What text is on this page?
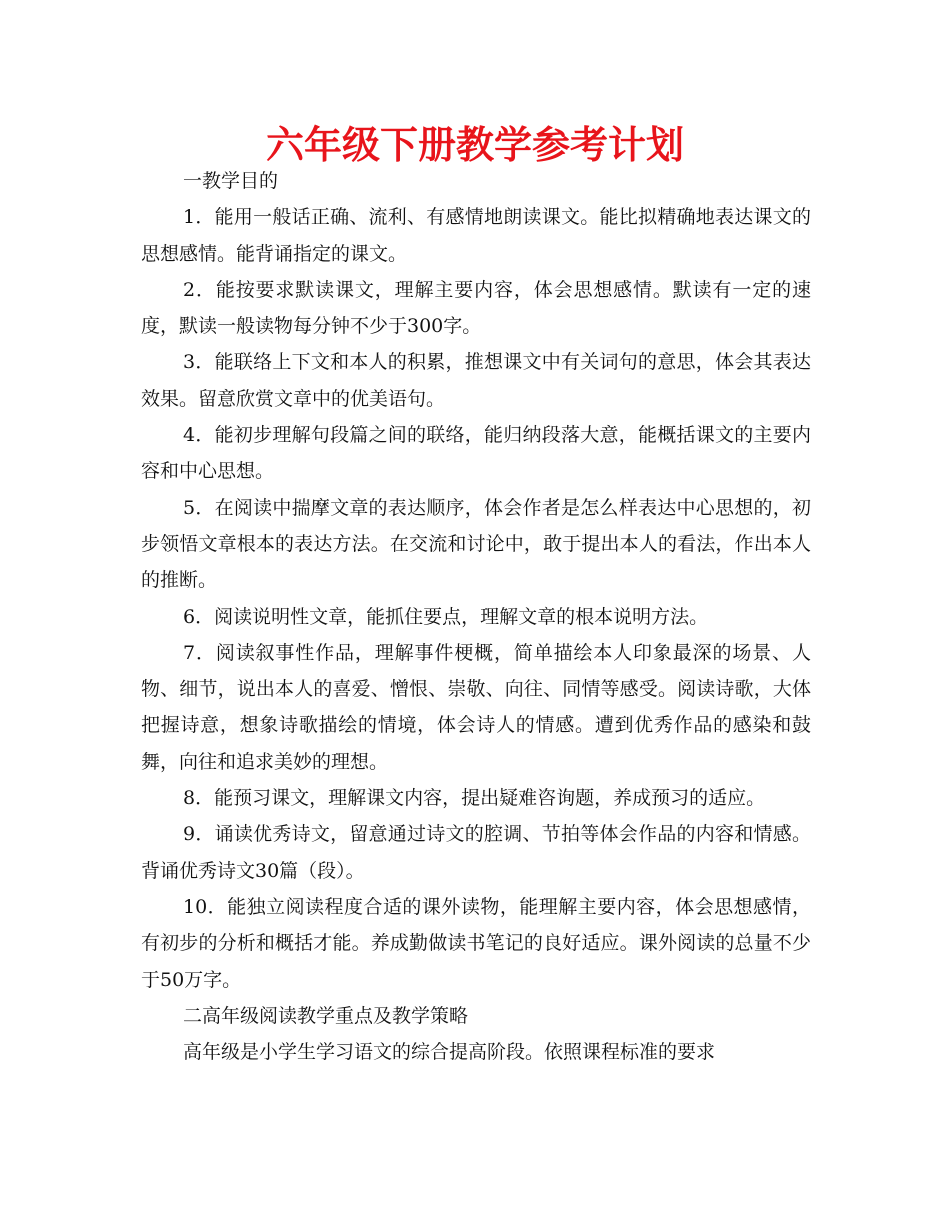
六年级下册教学参考计划

一教学目的

1．能用一般话正确、流利、有感情地朗读课文。能比拟精确地表达课文的思想感情。能背诵指定的课文。

2．能按要求默读课文，理解主要内容，体会思想感情。默读有一定的速度，默读一般读物每分钟不少于300字。

3．能联络上下文和本人的积累，推想课文中有关词句的意思，体会其表达效果。留意欣赏文章中的优美语句。

4．能初步理解句段篇之间的联络，能归纳段落大意，能概括课文的主要内容和中心思想。

5．在阅读中揣摩文章的表达顺序，体会作者是怎么样表达中心思想的，初步领悟文章根本的表达方法。在交流和讨论中，敢于提出本人的看法，作出本人的推断。

6．阅读说明性文章，能抓住要点，理解文章的根本说明方法。

7．阅读叙事性作品，理解事件梗概，简单描绘本人印象最深的场景、人物、细节，说出本人的喜爱、憎恨、崇敬、向往、同情等感受。阅读诗歌，大体把握诗意，想象诗歌描绘的情境，体会诗人的情感。遭到优秀作品的感染和鼓舞，向往和追求美妙的理想。

8．能预习课文，理解课文内容，提出疑难咨询题，养成预习的适应。

9．诵读优秀诗文，留意通过诗文的腔调、节拍等体会作品的内容和情感。背诵优秀诗文30篇（段）。

10．能独立阅读程度合适的课外读物，能理解主要内容，体会思想感情，有初步的分析和概括才能。养成勤做读书笔记的良好适应。课外阅读的总量不少于50万字。

二高年级阅读教学重点及教学策略

高年级是小学生学习语文的综合提高阶段。依照课程标准的要求
